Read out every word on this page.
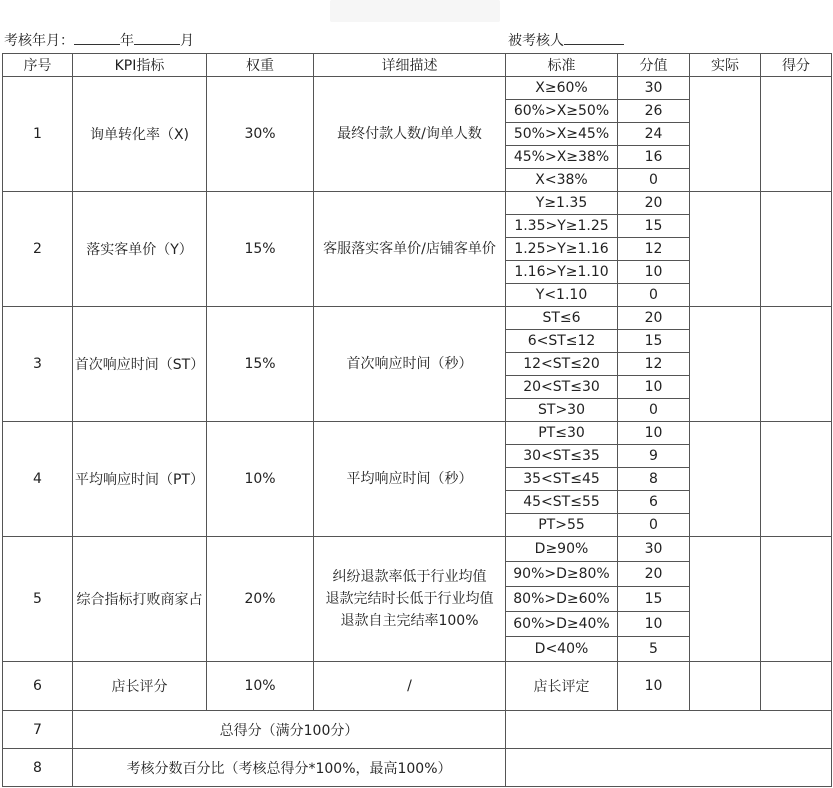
考核年月：	年	月	被考核人
序号	KPI指标	权重	详细描述	标准	分值	实际	得分
1	询单转化率（X)	30%	最终付款人数/询单人数	X≥60%	30		
				60%>X≥50%	26		
				50%>X≥45%	24		
				45%>X≥38%	16		
				X<38%	0		
2	落实客单价（Y）	15%	客服落实客单价/店铺客单价	Y≥1.35	20		
				1.35>Y≥1.25	15		
				1.25>Y≥1.16	12		
				1.16>Y≥1.10	10		
				Y<1.10	0		
3	首次响应时间（ST）	15%	首次响应时间（秒）	ST≤6	20		
				6<ST≤12	15		
				12<ST≤20	12		
				20<ST≤30	10		
				ST>30	0		
4	平均响应时间（PT）	10%	平均响应时间（秒）	PT≤30	10		
				30<ST≤35	9		
				35<ST≤45	8		
				45<ST≤55	6		
				PT>55	0		
5	综合指标打败商家占	20%	纠纷退款率低于行业均值
退款完结时长低于行业均值
退款自主完结率100%	D≥90%	30		
				90%>D≥80%	20		
				80%>D≥60%	15		
				60%>D≥40%	10		
				D<40%	5		
6	店长评分	10%	/	店长评定	10		
7	总得分（满分100分）						
8	考核分数百分比（考核总得分*100%，最高100%）						
